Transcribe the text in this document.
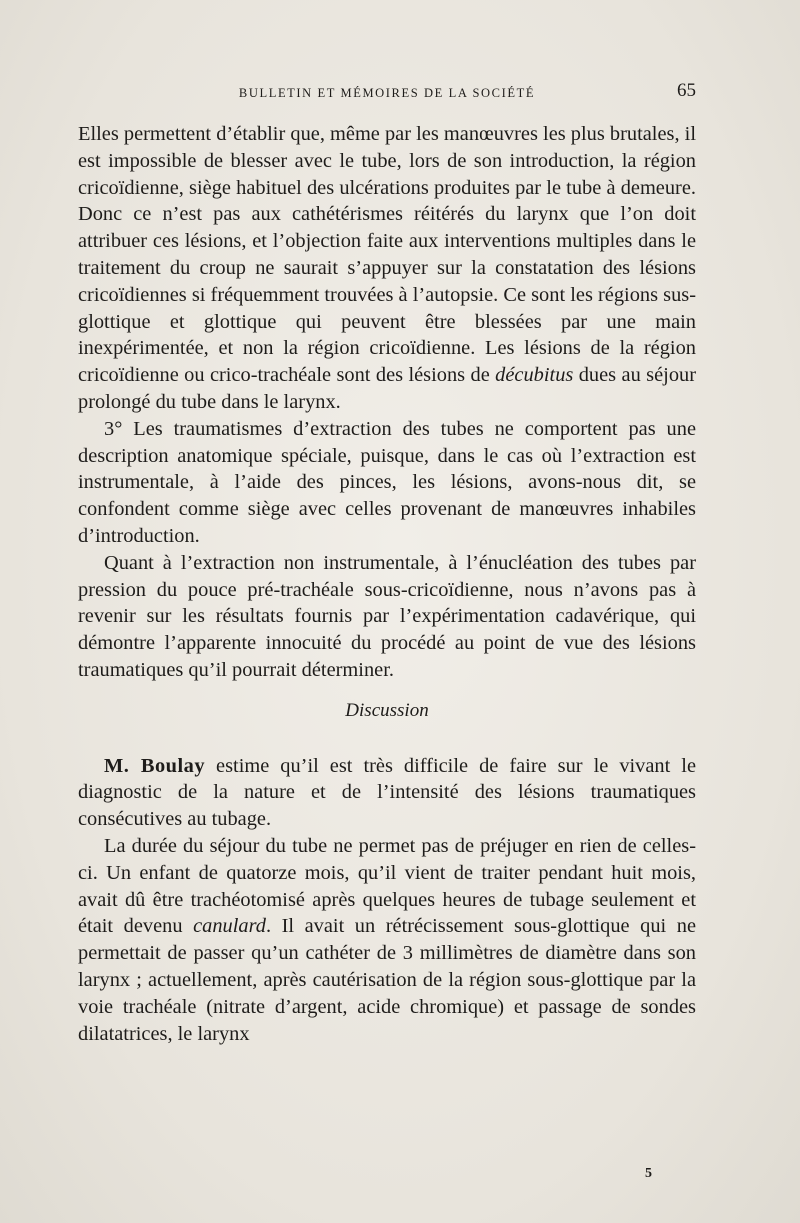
BULLETIN ET MÉMOIRES DE LA SOCIÉTÉ	65

Elles permettent d’établir que, même par les manœuvres les plus brutales, il est impossible de blesser avec le tube, lors de son introduction, la région cricoïdienne, siège habituel des ulcérations produites par le tube à demeure. Donc ce n’est pas aux cathétérismes réitérés du larynx que l’on doit attribuer ces lésions, et l’objection faite aux interventions multiples dans le traitement du croup ne saurait s’appuyer sur la constatation des lésions cricoïdiennes si fréquemment trouvées à l’autopsie. Ce sont les régions sus-glottique et glottique qui peuvent être blessées par une main inexpérimentée, et non la région cricoïdienne. Les lésions de la région cricoïdienne ou crico-trachéale sont des lésions de décubitus dues au séjour prolongé du tube dans le larynx.

3° Les traumatismes d’extraction des tubes ne comportent pas une description anatomique spéciale, puisque, dans le cas où l’extraction est instrumentale, à l’aide des pinces, les lésions, avons-nous dit, se confondent comme siège avec celles provenant de manœuvres inhabiles d’introduction.

Quant à l’extraction non instrumentale, à l’énucléation des tubes par pression du pouce pré-trachéale sous-cricoïdienne, nous n’avons pas à revenir sur les résultats fournis par l’expérimentation cadavérique, qui démontre l’apparente innocuité du procédé au point de vue des lésions traumatiques qu’il pourrait déterminer.

Discussion

M. Boulay estime qu’il est très difficile de faire sur le vivant le diagnostic de la nature et de l’intensité des lésions traumatiques consécutives au tubage.

La durée du séjour du tube ne permet pas de préjuger en rien de celles-ci. Un enfant de quatorze mois, qu’il vient de traiter pendant huit mois, avait dû être trachéotomisé après quelques heures de tubage seulement et était devenu canulard. Il avait un rétrécissement sous-glottique qui ne permettait de passer qu’un cathéter de 3 millimètres de diamètre dans son larynx ; actuellement, après cautérisation de la région sous-glottique par la voie trachéale (nitrate d’argent, acide chromique) et passage de sondes dilatatrices, le larynx

5
